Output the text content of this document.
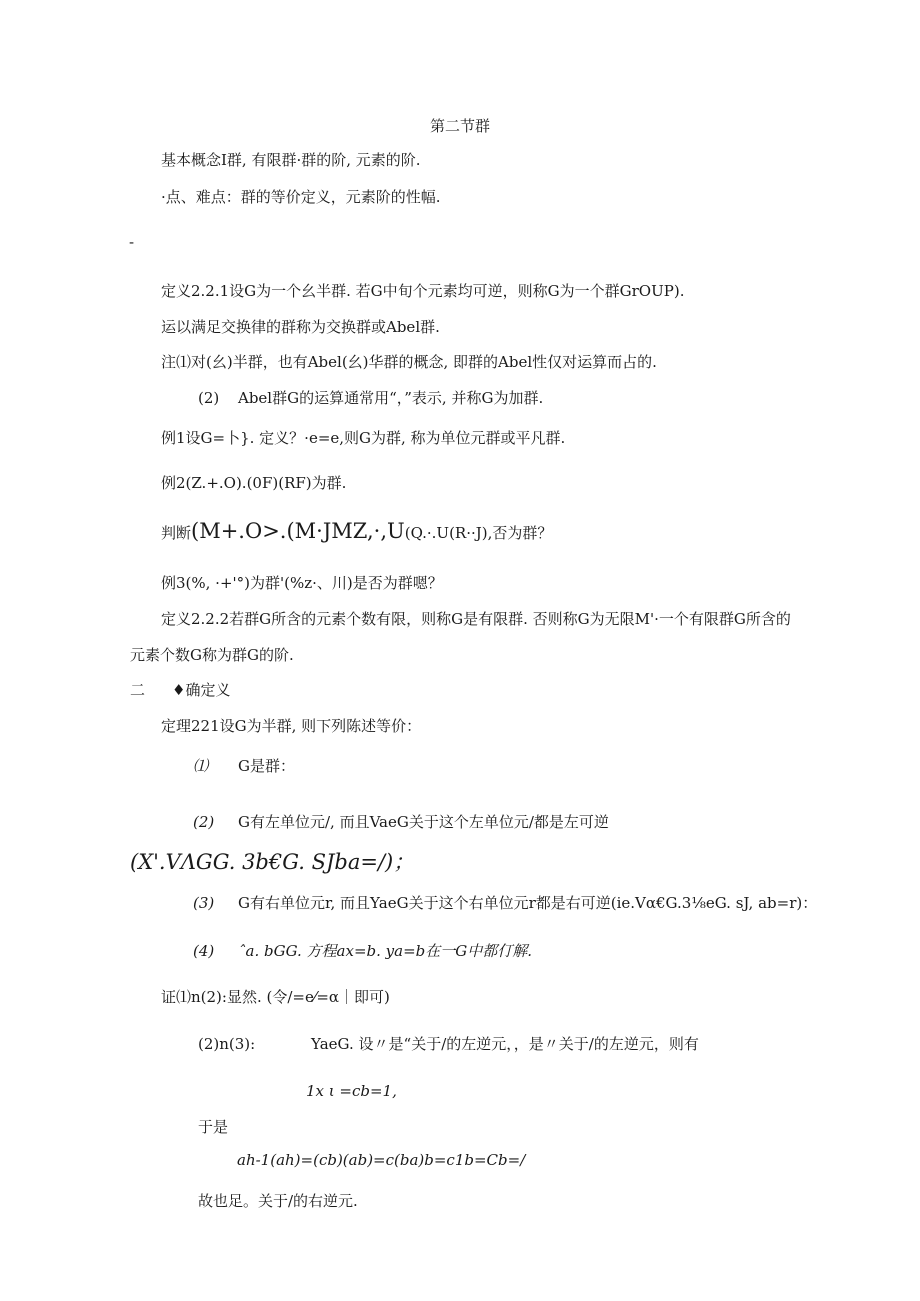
第二节群
基本概念I群, 有限群·群的阶, 元素的阶.
·点、难点：群的等价定义，元素阶的性幅.
-
定义2.2.1设G为一个幺半群. 若G中旬个元素均可逆，则称G为一个群GrOUP).
运以满足交换律的群称为交换群或Abel群.
注⑴对(幺)半群，也有Abel(幺)华群的概念, 即群的Abel性仅对运算而占的.
(2) Abel群G的运算通常用“，”表示, 并称G为加群.
例1设G=卜}. 定义？·e=e,则G为群, 称为单位元群或平凡群.
例2(Z.+.O).(0F)(RF)为群.
判断(M+.O>.(M·JMZ,·,U(Q.·.U(R··J),否为群？
例3(%, ·+'°)为群'(%z·、川)是否为群嗯？
定义2.2.2若群G所含的元素个数有限，则称G是有限群. 否则称G为无限M'·一个有限群G所含的
元素个数G称为群G的阶.
二 ♦确定义
定理221设G为半群, 则下列陈述等价：
⑴ G是群：
(2) G有左单位元/, 而且VaeG关于这个左单位元/都是左可逆
(Ⅹ'.VΛGG. 3b€G. SJba=/)；
(3) G有右单位元r, 而且YaeG关于这个右单位元r都是右可逆(ie.Vα€G.3⅛eG. sJ, ab=r)：
(4) ˆa. bGG. 方程ax=b. ya=b在一G中都仃解.
证⑴n(2):显然. (令/=e⁄=α｜即可)
(2)n(3):	YaeG. 设〃是“关于/的左逆元，，是〃关于/的左逆元，则有
1x ι =cb=1,
于是
ah-1(ah)=(cb)(ab)=c(ba)b=c1b=Cb=/
故也足。关于/的右逆元.
